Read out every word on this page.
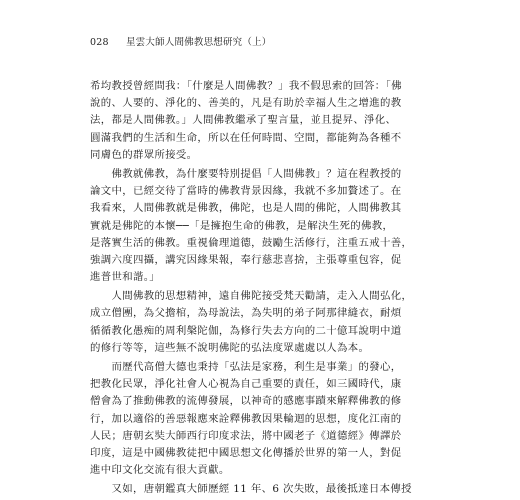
028 星雲大師人間佛教思想研究（上）
希均教授曾經問我：「什麼是人間佛教？」我不假思索的回答：「佛
說的、人要的、淨化的、善美的，凡是有助於幸福人生之增進的教
法，都是人間佛教。」人間佛教繼承了聖言量，並且提昇、淨化、
圓滿我們的生活和生命，所以在任何時間、空間，都能夠為各種不
同膚色的群眾所接受。
　　佛教就佛教，為什麼要特別提倡「人間佛教」？這在程教授的
論文中，已經交待了當時的佛教背景因緣，我就不多加贅述了。在
我看來，人間佛教就是佛教，佛陀，也是人間的佛陀，人間佛教其
實就是佛陀的本懷──「是擁抱生命的佛教，是解決生死的佛教，
是落實生活的佛教。重視倫理道德，鼓勵生活修行，注重五戒十善，
強調六度四攝，講究因緣果報，奉行慈悲喜捨，主張尊重包容，促
進普世和諧。」
　　人間佛教的思想精神，遠自佛陀接受梵天勸請，走入人間弘化，
成立僧團，為父擔棺，為母說法，為失明的弟子阿那律縫衣，耐煩
循循教化愚痴的周利槃陀伽，為修行失去方向的二十億耳說明中道
的修行等等，這些無不說明佛陀的弘法度眾處處以人為本。
　　而歷代高僧大德也秉持「弘法是家務，利生是事業」的發心，
把教化民眾，淨化社會人心視為自己重要的責任，如三國時代，康
僧會為了推動佛教的流傳發展，以神奇的感應事蹟來解釋佛教的修
行，加以適俗的善惡報應來詮釋佛教因果輪迴的思想，度化江南的
人民；唐朝玄奘大師西行印度求法，將中國老子《道德經》傳譯於
印度，這是中國佛教徒把中國思想文化傳播於世界的第一人，對促
進中印文化交流有很大貢獻。
　　又如，唐朝鑑真大師歷經 11 年、6 次失敗，最後抵達日本傳授
